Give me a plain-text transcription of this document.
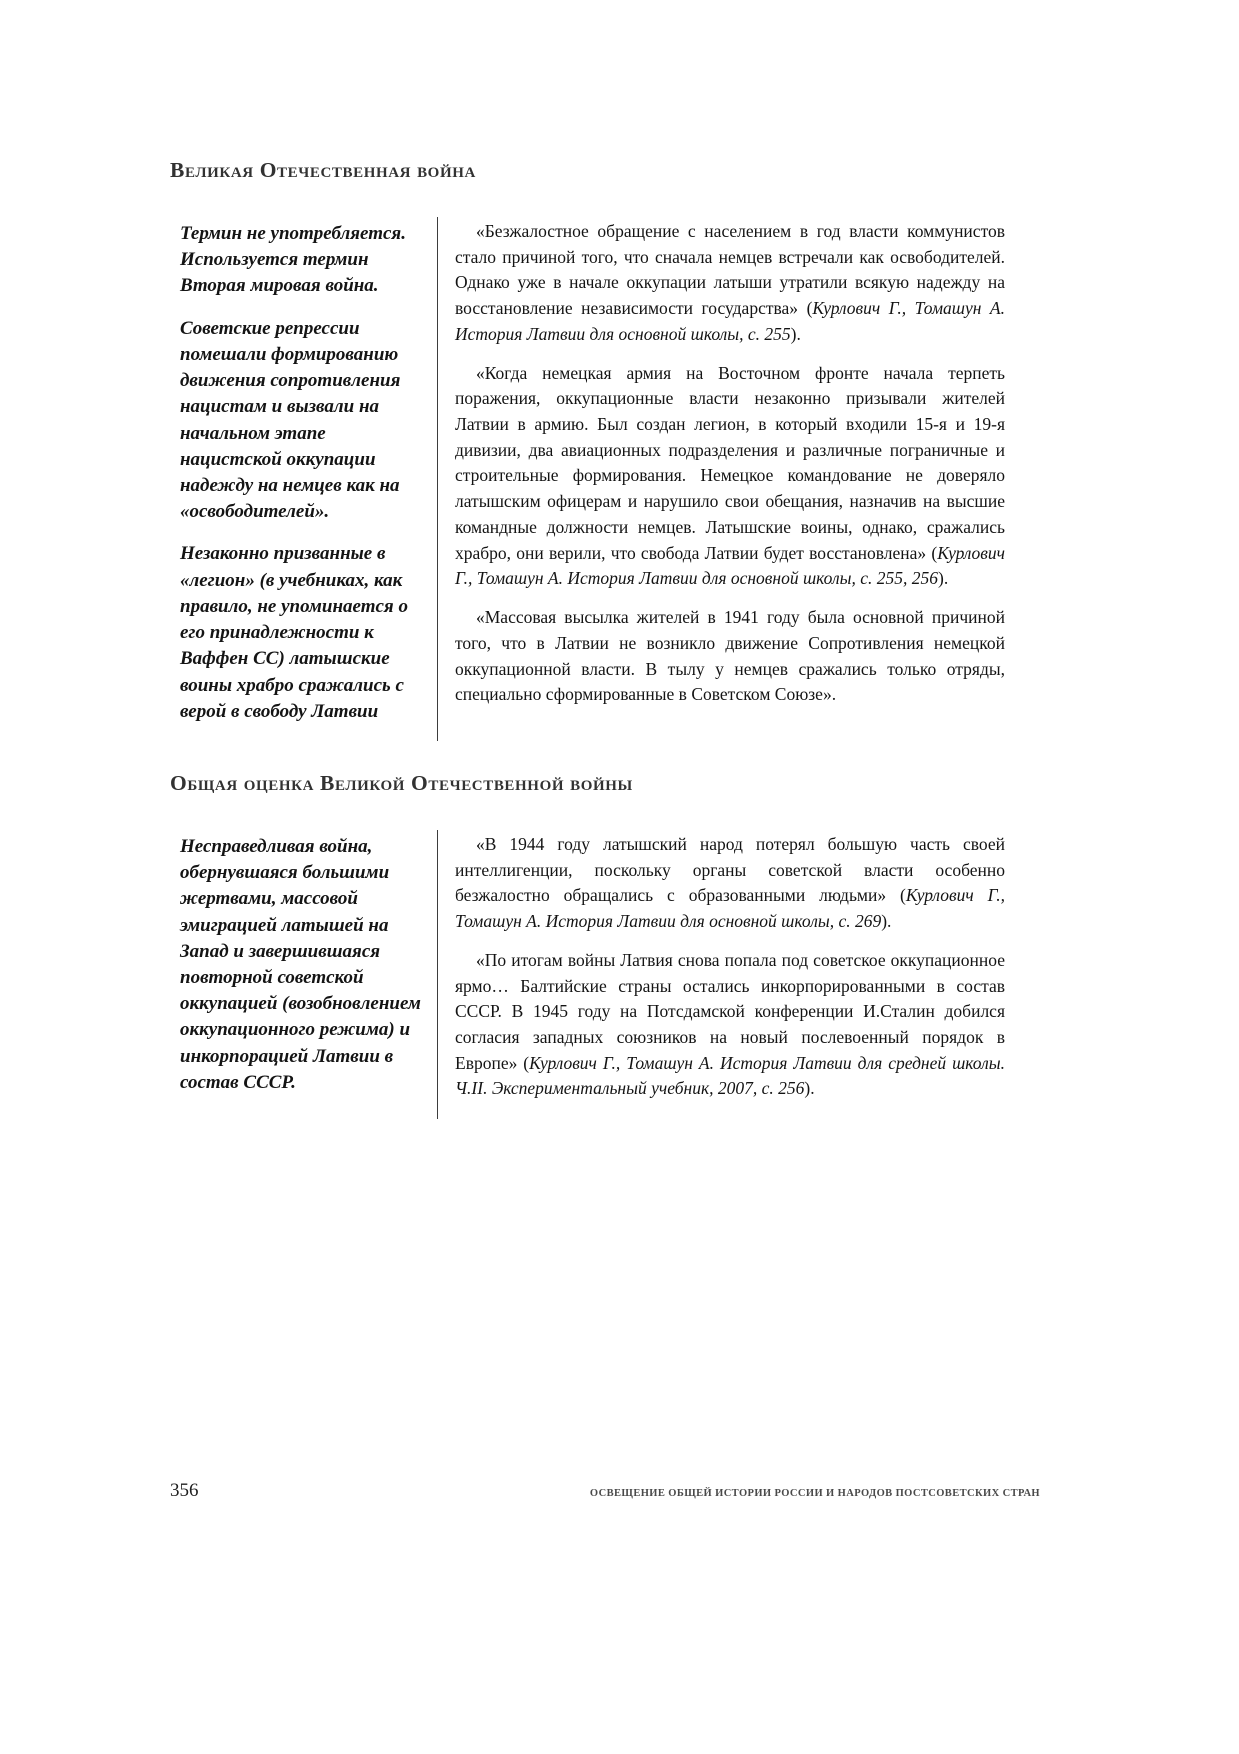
Великая Отечественная война

Термин не употребляется. Используется термин Вторая мировая война.

Советские репрессии помешали формированию движения сопротивления нацистам и вызвали на начальном этапе нацистской оккупации надежду на немцев как на «освободителей».

Незаконно призванные в «легион» (в учебниках, как правило, не упоминается о его принадлежности к Ваффен СС) латышские воины храбро сражались с верой в свободу Латвии

«Безжалостное обращение с населением в год власти коммунистов стало причиной того, что сначала немцев встречали как освободителей. Однако уже в начале оккупации латыши утратили всякую надежду на восстановление независимости государства» (Курлович Г., Томашун А. История Латвии для основной школы, с. 255).

«Когда немецкая армия на Восточном фронте начала терпеть поражения, оккупационные власти незаконно призывали жителей Латвии в армию. Был создан легион, в который входили 15-я и 19-я дивизии, два авиационных подразделения и различные пограничные и строительные формирования. Немецкое командование не доверяло латышским офицерам и нарушило свои обещания, назначив на высшие командные должности немцев. Латышские воины, однако, сражались храбро, они верили, что свобода Латвии будет восстановлена» (Курлович Г., Томашун А. История Латвии для основной школы, с. 255, 256).

«Массовая высылка жителей в 1941 году была основной причиной того, что в Латвии не возникло движение Сопротивления немецкой оккупационной власти. В тылу у немцев сражались только отряды, специально сформированные в Советском Союзе».

Общая оценка Великой Отечественной войны

Несправедливая война, обернувшаяся большими жертвами, массовой эмиграцией латышей на Запад и завершившаяся повторной советской оккупацией (возобновлением оккупационного режима) и инкорпорацией Латвии в состав СССР.

«В 1944 году латышский народ потерял большую часть своей интеллигенции, поскольку органы советской власти особенно безжалостно обращались с образованными людьми» (Курлович Г., Томашун А. История Латвии для основной школы, с. 269).

«По итогам войны Латвия снова попала под советское оккупационное ярмо… Балтийские страны остались инкорпорированными в состав СССР. В 1945 году на Потсдамской конференции И.Сталин добился согласия западных союзников на новый послевоенный порядок в Европе» (Курлович Г., Томашун А. История Латвии для средней школы. Ч.II. Экспериментальный учебник, 2007, с. 256).

356	ОСВЕЩЕНИЕ ОБЩЕЙ ИСТОРИИ РОССИИ И НАРОДОВ ПОСТСОВЕТСКИХ СТРАН
